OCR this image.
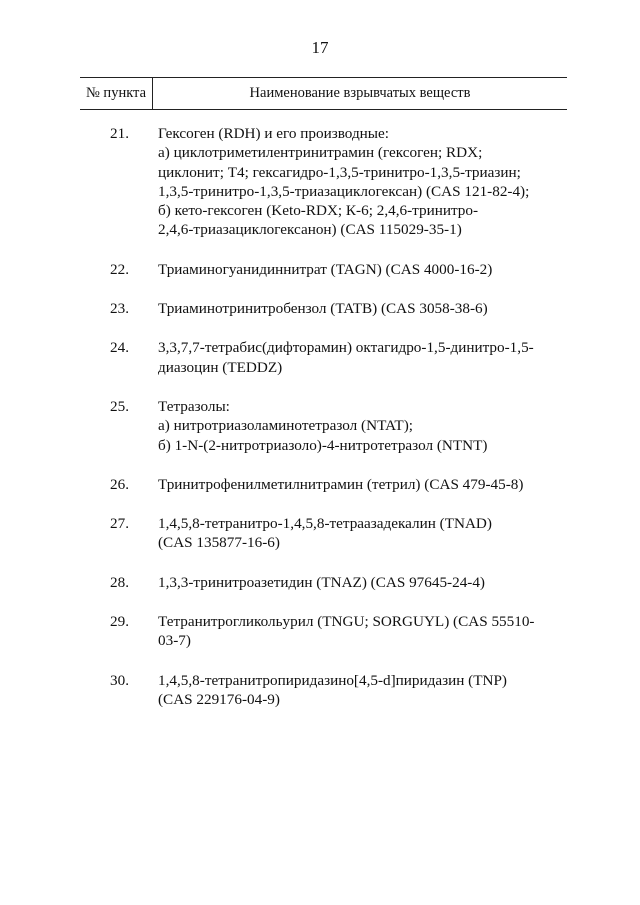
17
№ пункта	Наименование взрывчатых веществ
21.	Гексоген (RDH) и его производные:
а) циклотриметилентринитрамин (гексоген; RDX;
циклонит; Т4; гексагидро-1,3,5-тринитро-1,3,5-триазин;
1,3,5-тринитро-1,3,5-триазациклогексан) (CAS 121-82-4);
б) кето-гексоген (Keto-RDX; К-6; 2,4,6-тринитро-
2,4,6-триазациклогексанон) (CAS 115029-35-1)
22.	Триаминогуанидиннитрат (TAGN) (CAS 4000-16-2)
23.	Триаминотринитробензол (TATB) (CAS 3058-38-6)
24.	3,3,7,7-тетрабис(дифторамин) октагидро-1,5-динитро-1,5-
диазоцин (TEDDZ)
25.	Тетразолы:
а) нитротриазоламинотетразол (NTAT);
б) 1-N-(2-нитротриазоло)-4-нитротетразол (NTNT)
26.	Тринитрофенилметилнитрамин (тетрил) (CAS 479-45-8)
27.	1,4,5,8-тетранитро-1,4,5,8-тетраазадекалин (TNAD)
(CAS 135877-16-6)
28.	1,3,3-тринитроазетидин (TNAZ) (CAS 97645-24-4)
29.	Тетранитрогликольурил (TNGU; SORGUYL) (CAS 55510-
03-7)
30.	1,4,5,8-тетранитропиридазино[4,5-d]пиридазин (TNP)
(CAS 229176-04-9)
